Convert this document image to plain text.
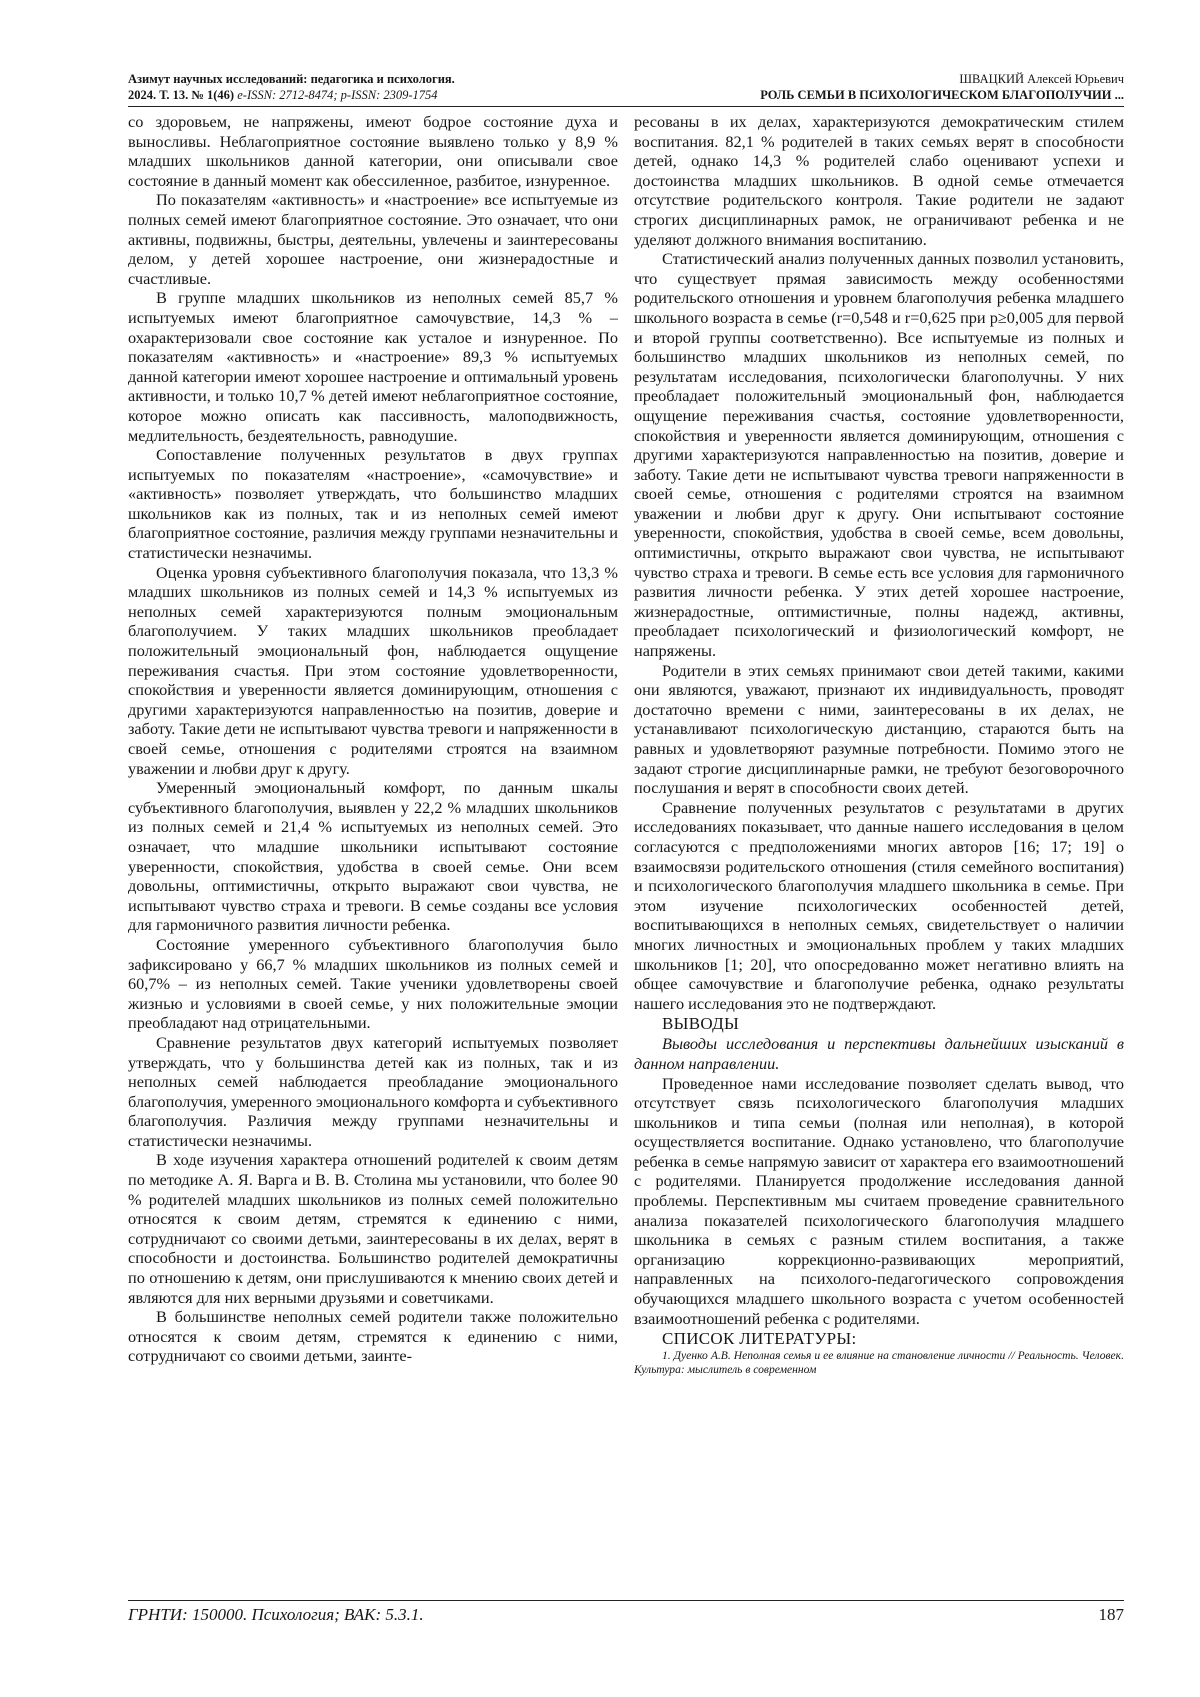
Азимут научных исследований: педагогика и психология.
2024. Т. 13. № 1(46) e-ISSN: 2712-8474; p-ISSN: 2309-1754
ШВАЦКИЙ Алексей Юрьевич
РОЛЬ СЕМЬИ В ПСИХОЛОГИЧЕСКОМ БЛАГОПОЛУЧИИ ...

со здоровьем, не напряжены, имеют бодрое состояние духа и выносливы. Неблагоприятное состояние выявлено только у 8,9 % младших школьников данной категории, они описывали свое состояние в данный момент как обессиленное, разбитое, изнуренное.

По показателям «активность» и «настроение» все испытуемые из полных семей имеют благоприятное состояние. Это означает, что они активны, подвижны, быстры, деятельны, увлечены и заинтересованы делом, у детей хорошее настроение, они жизнерадостные и счастливые.

В группе младших школьников из неполных семей 85,7 % испытуемых имеют благоприятное самочувствие, 14,3 % – охарактеризовали свое состояние как усталое и изнуренное. По показателям «активность» и «настроение» 89,3 % испытуемых данной категории имеют хорошее настроение и оптимальный уровень активности, и только 10,7 % детей имеют неблагоприятное состояние, которое можно описать как пассивность, малоподвижность, медлительность, бездеятельность, равнодушие.

Сопоставление полученных результатов в двух группах испытуемых по показателям «настроение», «самочувствие» и «активность» позволяет утверждать, что большинство младших школьников как из полных, так и из неполных семей имеют благоприятное состояние, различия между группами незначительны и статистически незначимы.

Оценка уровня субъективного благополучия показала, что 13,3 % младших школьников из полных семей и 14,3 % испытуемых из неполных семей характеризуются полным эмоциональным благополучием. У таких младших школьников преобладает положительный эмоциональный фон, наблюдается ощущение переживания счастья. При этом состояние удовлетворенности, спокойствия и уверенности является доминирующим, отношения с другими характеризуются направленностью на позитив, доверие и заботу. Такие дети не испытывают чувства тревоги и напряженности в своей семье, отношения с родителями строятся на взаимном уважении и любви друг к другу.

Умеренный эмоциональный комфорт, по данным шкалы субъективного благополучия, выявлен у 22,2 % младших школьников из полных семей и 21,4 % испытуемых из неполных семей. Это означает, что младшие школьники испытывают состояние уверенности, спокойствия, удобства в своей семье. Они всем довольны, оптимистичны, открыто выражают свои чувства, не испытывают чувство страха и тревоги. В семье созданы все условия для гармоничного развития личности ребенка.

Состояние умеренного субъективного благополучия было зафиксировано у 66,7 % младших школьников из полных семей и 60,7% – из неполных семей. Такие ученики удовлетворены своей жизнью и условиями в своей семье, у них положительные эмоции преобладают над отрицательными.

Сравнение результатов двух категорий испытуемых позволяет утверждать, что у большинства детей как из полных, так и из неполных семей наблюдается преобладание эмоционального благополучия, умеренного эмоционального комфорта и субъективного благополучия. Различия между группами незначительны и статистически незначимы.

В ходе изучения характера отношений родителей к своим детям по методике А. Я. Варга и В. В. Столина мы установили, что более 90 % родителей младших школьников из полных семей положительно относятся к своим детям, стремятся к единению с ними, сотрудничают со своими детьми, заинтересованы в их делах, верят в способности и достоинства. Большинство родителей демократичны по отношению к детям, они прислушиваются к мнению своих детей и являются для них верными друзьями и советчиками.

В большинстве неполных семей родители также положительно относятся к своим детям, стремятся к единению с ними, сотрудничают со своими детьми, заинте-

ресованы в их делах, характеризуются демократическим стилем воспитания. 82,1 % родителей в таких семьях верят в способности детей, однако 14,3 % родителей слабо оценивают успехи и достоинства младших школьников. В одной семье отмечается отсутствие родительского контроля. Такие родители не задают строгих дисциплинарных рамок, не ограничивают ребенка и не уделяют должного внимания воспитанию.

Статистический анализ полученных данных позволил установить, что существует прямая зависимость между особенностями родительского отношения и уровнем благополучия ребенка младшего школьного возраста в семье (r=0,548 и r=0,625 при p≥0,005 для первой и второй группы соответственно). Все испытуемые из полных и большинство младших школьников из неполных семей, по результатам исследования, психологически благополучны. У них преобладает положительный эмоциональный фон, наблюдается ощущение переживания счастья, состояние удовлетворенности, спокойствия и уверенности является доминирующим, отношения с другими характеризуются направленностью на позитив, доверие и заботу. Такие дети не испытывают чувства тревоги напряженности в своей семье, отношения с родителями строятся на взаимном уважении и любви друг к другу. Они испытывают состояние уверенности, спокойствия, удобства в своей семье, всем довольны, оптимистичны, открыто выражают свои чувства, не испытывают чувство страха и тревоги. В семье есть все условия для гармоничного развития личности ребенка. У этих детей хорошее настроение, жизнерадостные, оптимистичные, полны надежд, активны, преобладает психологический и физиологический комфорт, не напряжены.

Родители в этих семьях принимают свои детей такими, какими они являются, уважают, признают их индивидуальность, проводят достаточно времени с ними, заинтересованы в их делах, не устанавливают психологическую дистанцию, стараются быть на равных и удовлетворяют разумные потребности. Помимо этого не задают строгие дисциплинарные рамки, не требуют безоговорочного послушания и верят в способности своих детей.

Сравнение полученных результатов с результатами в других исследованиях показывает, что данные нашего исследования в целом согласуются с предположениями многих авторов [16; 17; 19] о взаимосвязи родительского отношения (стиля семейного воспитания) и психологического благополучия младшего школьника в семье. При этом изучение психологических особенностей детей, воспитывающихся в неполных семьях, свидетельствует о наличии многих личностных и эмоциональных проблем у таких младших школьников [1; 20], что опосредованно может негативно влиять на общее самочувствие и благополучие ребенка, однако результаты нашего исследования это не подтверждают.

ВЫВОДЫ

Выводы исследования и перспективы дальнейших изысканий в данном направлении.

Проведенное нами исследование позволяет сделать вывод, что отсутствует связь психологического благополучия младших школьников и типа семьи (полная или неполная), в которой осуществляется воспитание. Однако установлено, что благополучие ребенка в семье напрямую зависит от характера его взаимоотношений с родителями. Планируется продолжение исследования данной проблемы. Перспективным мы считаем проведение сравнительного анализа показателей психологического благополучия младшего школьника в семьях с разным стилем воспитания, а также организацию коррекционно-развивающих мероприятий, направленных на психолого-педагогического сопровождения обучающихся младшего школьного возраста с учетом особенностей взаимоотношений ребенка с родителями.

СПИСОК ЛИТЕРАТУРЫ:

1. Дуенко А.В. Неполная семья и ее влияние на становление личности // Реальность. Человек. Культура: мыслитель в современном

ГРНТИ: 150000. Психология; ВАК: 5.3.1.	187
